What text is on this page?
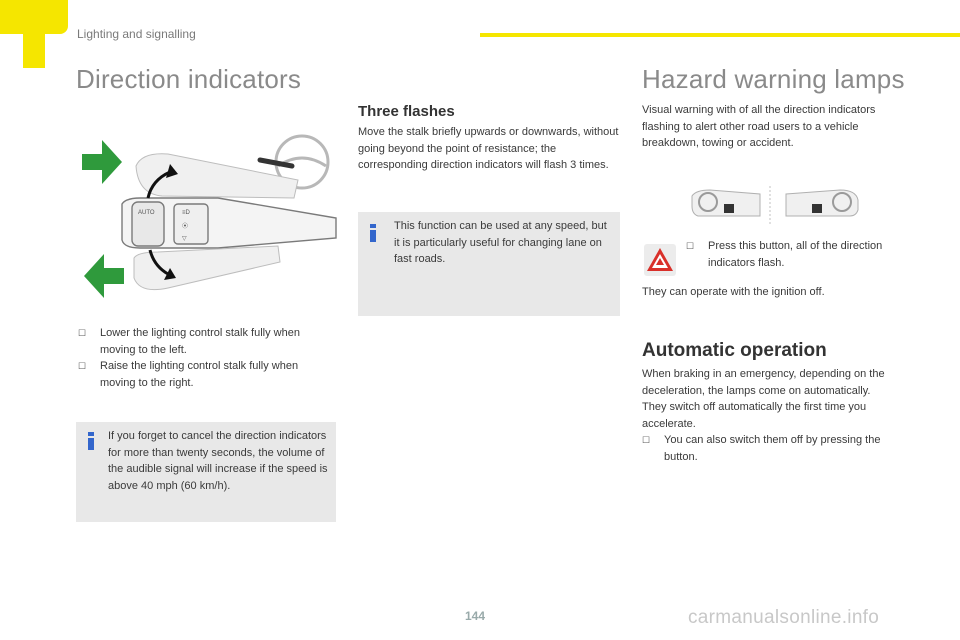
Lighting and signalling
Direction indicators
AUTO	≡D
⦿
▽
☐	Lower the lighting control stalk fully when moving to the left.
☐	Raise the lighting control stalk fully when moving to the right.
If you forget to cancel the direction indicators for more than twenty seconds, the volume of the audible signal will increase if the speed is above 40 mph (60 km/h).
Three flashes
Move the stalk briefly upwards or downwards, without going beyond the point of resistance; the corresponding direction indicators will flash 3 times.
This function can be used at any speed, but it is particularly useful for changing lane on fast roads.
Hazard warning lamps
Visual warning with of all the direction indicators flashing to alert other road users to a vehicle breakdown, towing or accident.
☐	Press this button, all of the direction indicators flash.
They can operate with the ignition off.
Automatic operation
When braking in an emergency, depending on the deceleration, the lamps come on automatically.
They switch off automatically the first time you accelerate.
☐	You can also switch them off by pressing the button.
144	carmanualsonline.info
